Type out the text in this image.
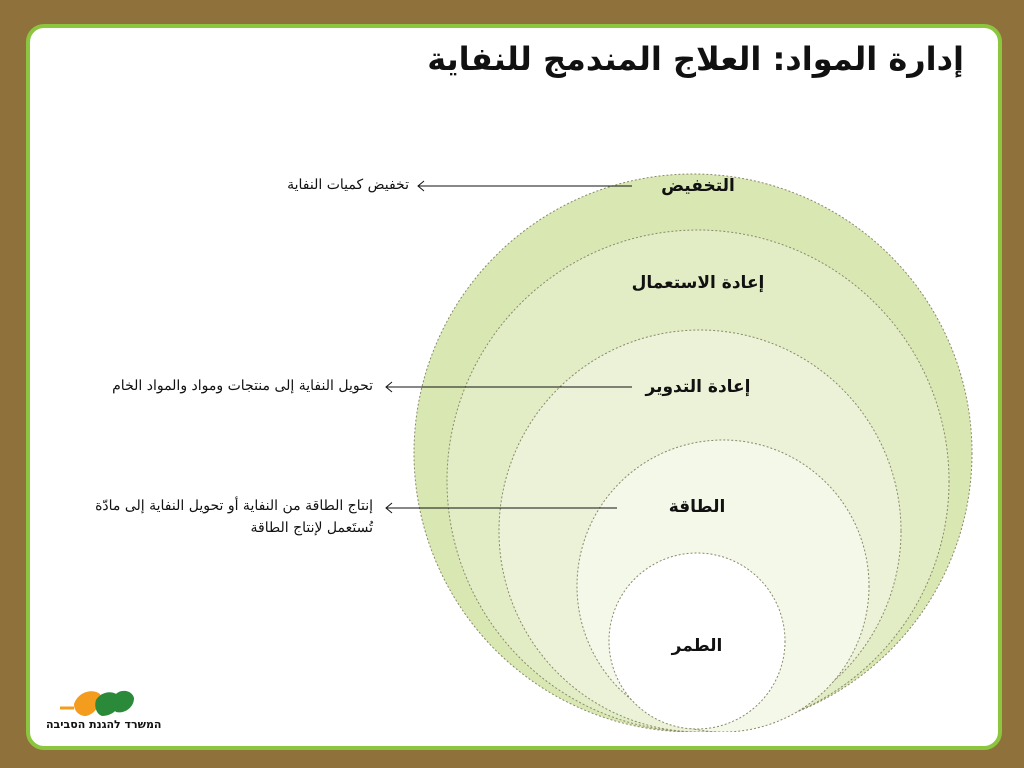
إدارة المواد: العلاج المندمج للنفاية
التخفيض
إعادة الاستعمال
إعادة التدوير
الطاقة
الطمر
تخفيض كميات النفاية
تحويل النفاية إلى منتجات ومواد والمواد الخام
إنتاج الطاقة من النفاية أو تحويل النفاية إلى مادّة تُستَعمل لإنتاج الطاقة
המשרד להגנת הסביבה
